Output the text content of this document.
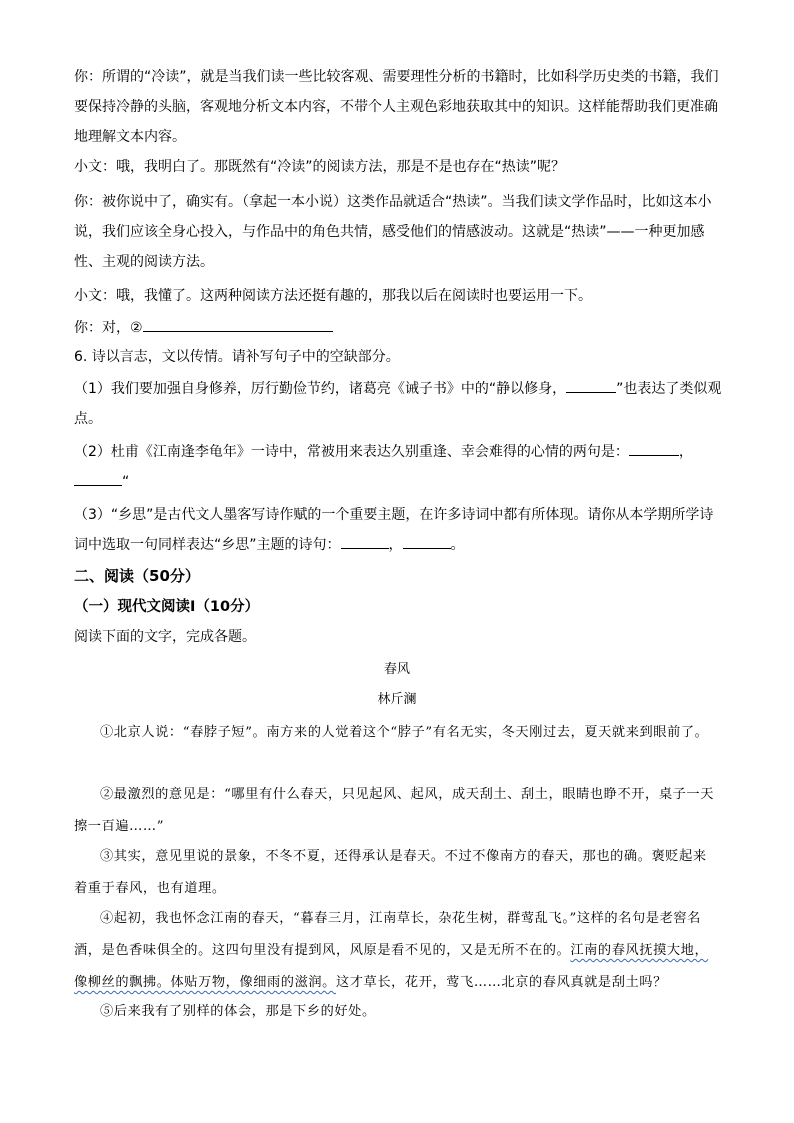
你：所谓的“冷读”，就是当我们读一些比较客观、需要理性分析的书籍时，比如科学历史类的书籍，我们要保持冷静的头脑，客观地分析文本内容，不带个人主观色彩地获取其中的知识。这样能帮助我们更准确地理解文本内容。

小文：哦，我明白了。那既然有“冷读”的阅读方法，那是不是也存在“热读”呢？

你：被你说中了，确实有。（拿起一本小说）这类作品就适合“热读”。当我们读文学作品时，比如这本小说，我们应该全身心投入，与作品中的角色共情，感受他们的情感波动。这就是“热读”——一种更加感性、主观的阅读方法。

小文：哦，我懂了。这两种阅读方法还挺有趣的，那我以后在阅读时也要运用一下。

你：对，②

6. 诗以言志，文以传情。请补写句子中的空缺部分。

（1）我们要加强自身修养，厉行勤俭节约，诸葛亮《诫子书》中的“静以修身，	”也表达了类似观点。

（2）杜甫《江南逢李龟年》一诗中，常被用来表达久别重逢、幸会难得的心情的两句是：	，
“

（3）“乡思”是古代文人墨客写诗作赋的一个重要主题，在许多诗词中都有所体现。请你从本学期所学诗词中选取一句同样表达“乡思”主题的诗句：	，	。

二、阅读（50分）

（一）现代文阅读Ⅰ（10分）

阅读下面的文字，完成各题。

春风

林斤澜

①北京人说：“春脖子短”。南方来的人觉着这个“脖子”有名无实，冬天刚过去，夏天就来到眼前了。

②最激烈的意见是：“哪里有什么春天，只见起风、起风，成天刮土、刮土，眼睛也睁不开，桌子一天擦一百遍……”

③其实，意见里说的景象，不冬不夏，还得承认是春天。不过不像南方的春天，那也的确。褒贬起来着重于春风，也有道理。

④起初，我也怀念江南的春天，“暮春三月，江南草长，杂花生树，群莺乱飞。”这样的名句是老窖名酒，是色香味俱全的。这四句里没有提到风，风原是看不见的，又是无所不在的。江南的春风抚摸大地，像柳丝的飘拂。体贴万物，像细雨的滋润。这才草长，花开，莺飞……北京的春风真就是刮土吗？

⑤后来我有了别样的体会，那是下乡的好处。
